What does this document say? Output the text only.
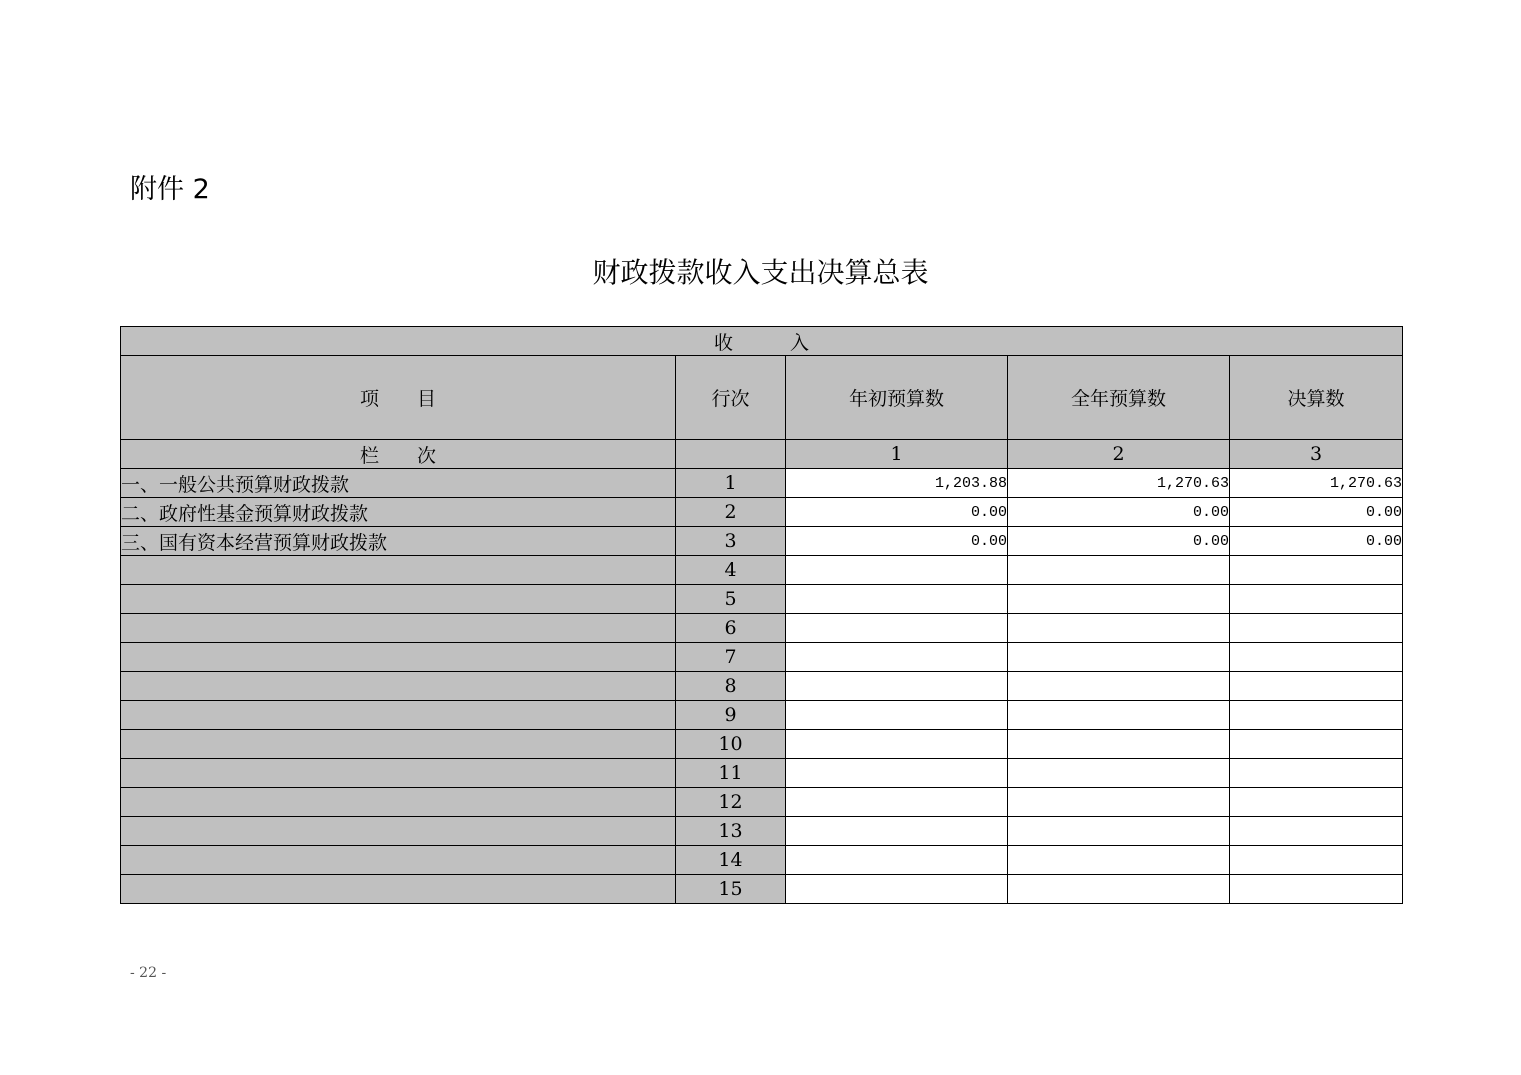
附件 2
财政拨款收入支出决算总表
收　　　入				
项　　目	行次	年初预算数	全年预算数	决算数
栏　　次		1	2	3
一、一般公共预算财政拨款	1	1,203.88	1,270.63	1,270.63
二、政府性基金预算财政拨款	2	0.00	0.00	0.00
三、国有资本经营预算财政拨款	3	0.00	0.00	0.00
	4			
	5			
	6			
	7			
	8			
	9			
	10			
	11			
	12			
	13			
	14			
	15			
- 22 -
